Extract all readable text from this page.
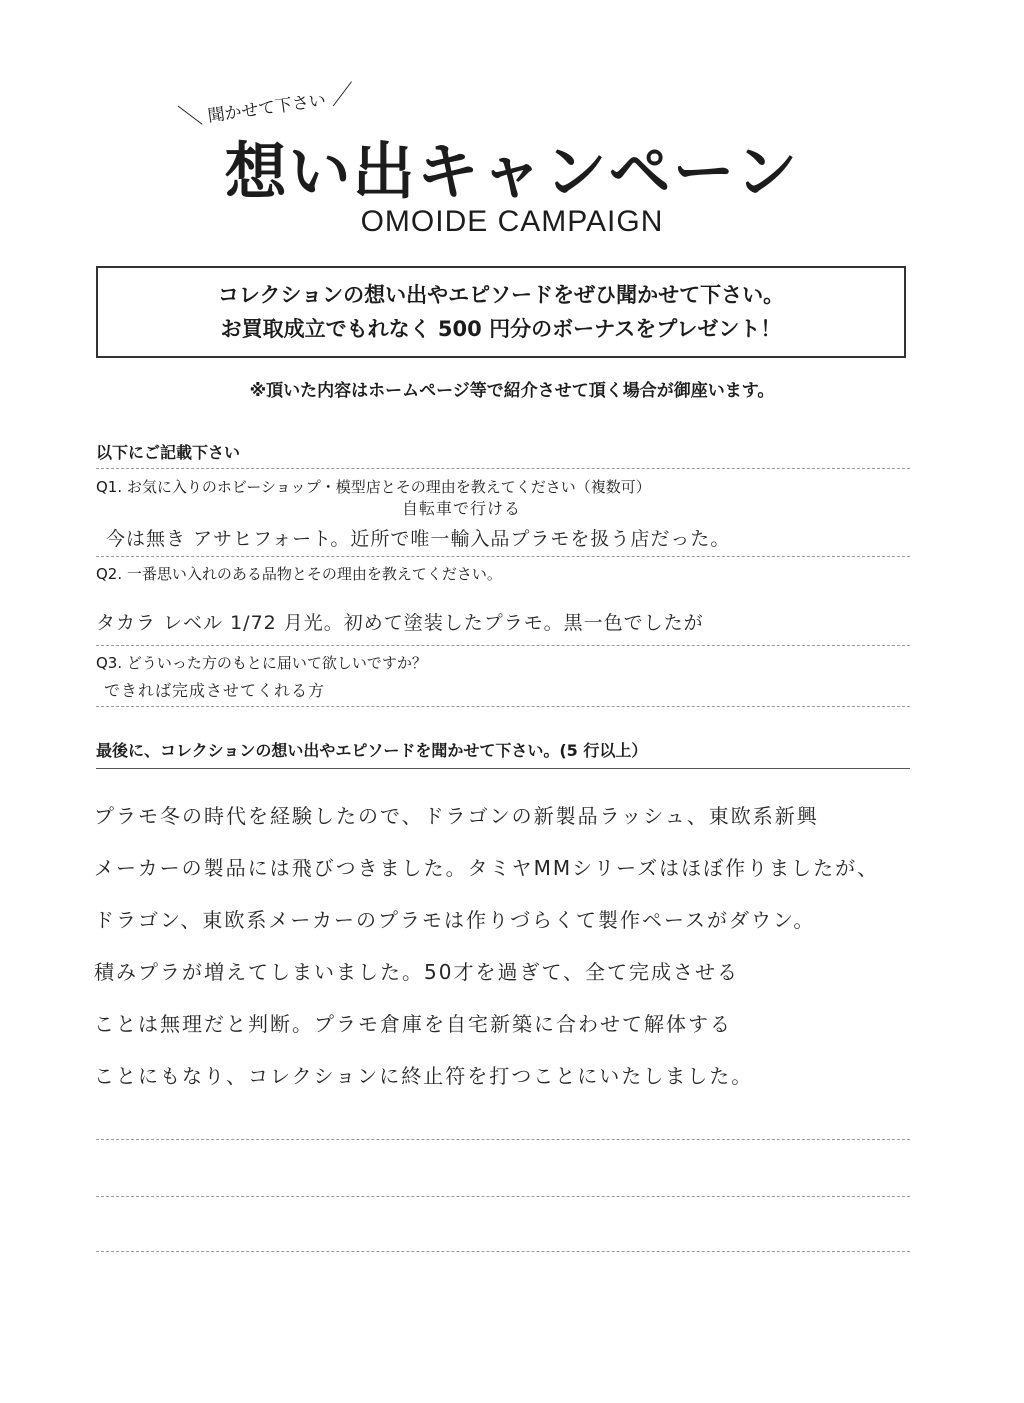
＼ 聞かせて下さい ／
想い出キャンペーン
OMOIDE CAMPAIGN
コレクションの想い出やエピソードをぜひ聞かせて下さい。
お買取成立でもれなく 500 円分のボーナスをプレゼント！
※頂いた内容はホームページ等で紹介させて頂く場合が御座います。
以下にご記載下さい
Q1. お気に入りのホビーショップ・模型店とその理由を教えてください（複数可）
自転車で行ける
今は無き アサヒフォート。近所で唯一輸入品プラモを扱う店だった。
Q2. 一番思い入れのある品物とその理由を教えてください。
タカラ レベル 1/72 月光。初めて塗装したプラモ。黒一色でしたが
Q3. どういった方のもとに届いて欲しいですか？
できれば完成させてくれる方
最後に、コレクションの想い出やエピソードを聞かせて下さい。(5 行以上）
プラモ冬の時代を経験したので、ドラゴンの新製品ラッシュ、東欧系新興
メーカーの製品には飛びつきました。タミヤMMシリーズはほぼ作りましたが、
ドラゴン、東欧系メーカーのプラモは作りづらくて製作ペースがダウン。
積みプラが増えてしまいました。50才を過ぎて、全て完成させる
ことは無理だと判断。プラモ倉庫を自宅新築に合わせて解体する
ことにもなり、コレクションに終止符を打つことにいたしました。
